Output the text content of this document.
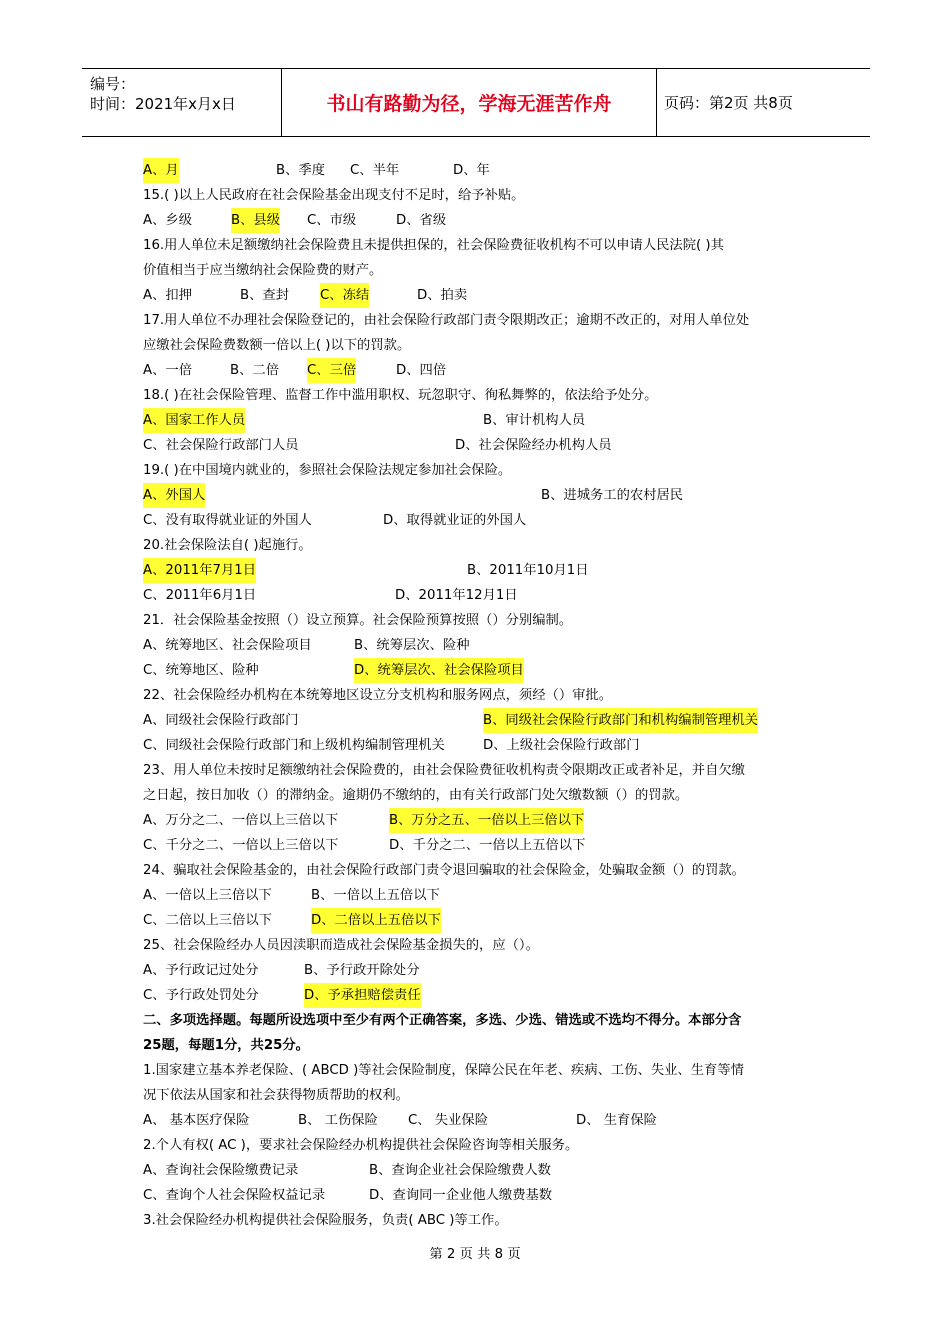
编号：
时间：2021年x月x日	书山有路勤为径，学海无涯苦作舟	页码：第2页 共8页
A、月	B、季度 C、半年	D、年
15.( )以上人民政府在社会保险基金出现支付不足时，给予补贴。
A、乡级	B、县级 C、市级	D、省级
16.用人单位未足额缴纳社会保险费且未提供担保的，社会保险费征收机构不可以申请人民法院( )其
价值相当于应当缴纳社会保险费的财产。
A、扣押	B、查封 C、冻结	D、拍卖
17.用人单位不办理社会保险登记的，由社会保险行政部门责令限期改正；逾期不改正的，对用人单位处
应缴社会保险费数额一倍以上( )以下的罚款。
A、一倍	B、二倍 C、三倍	D、四倍
18.( )在社会保险管理、监督工作中滥用职权、玩忽职守、徇私舞弊的，依法给予处分。
A、国家工作人员	B、审计机构人员
C、社会保险行政部门人员	D、社会保险经办机构人员
19.( )在中国境内就业的，参照社会保险法规定参加社会保险。
A、外国人	B、进城务工的农村居民
C、没有取得就业证的外国人	D、取得就业证的外国人
20.社会保险法自( )起施行。
A、2011年7月1日	B、2011年10月1日
C、2011年6月1日	D、2011年12月1日
21．社会保险基金按照（）设立预算。社会保险预算按照（）分别编制。
A、统筹地区、社会保险项目	B、统筹层次、险种
C、统筹地区、险种	D、统筹层次、社会保险项目
22、社会保险经办机构在本统筹地区设立分支机构和服务网点，须经（）审批。
A、同级社会保险行政部门	B、同级社会保险行政部门和机构编制管理机关
C、同级社会保险行政部门和上级机构编制管理机关	D、上级社会保险行政部门
23、用人单位未按时足额缴纳社会保险费的，由社会保险费征收机构责令限期改正或者补足，并自欠缴
之日起，按日加收（）的滞纳金。逾期仍不缴纳的，由有关行政部门处欠缴数额（）的罚款。
A、万分之二、一倍以上三倍以下	B、万分之五、一倍以上三倍以下
C、千分之二、一倍以上三倍以下	D、千分之二、一倍以上五倍以下
24、骗取社会保险基金的，由社会保险行政部门责令退回骗取的社会保险金，处骗取金额（）的罚款。
A、一倍以上三倍以下	B、一倍以上五倍以下
C、二倍以上三倍以下	D、二倍以上五倍以下
25、社会保险经办人员因渎职而造成社会保险基金损失的，应（）。
A、予行政记过处分	B、予行政开除处分
C、予行政处罚处分	D、予承担赔偿责任
二、多项选择题。每题所设选项中至少有两个正确答案，多选、少选、错选或不选均不得分。本部分含
25题，每题1分，共25分。
1.国家建立基本养老保险、( ABCD )等社会保险制度，保障公民在年老、疾病、工伤、失业、生育等情
况下依法从国家和社会获得物质帮助的权利。
A、 基本医疗保险	B、 工伤保险 C、 失业保险	D、 生育保险
2.个人有权( AC )，要求社会保险经办机构提供社会保险咨询等相关服务。
A、查询社会保险缴费记录	B、查询企业社会保险缴费人数
C、查询个人社会保险权益记录	D、查询同一企业他人缴费基数
3.社会保险经办机构提供社会保险服务，负责( ABC )等工作。
第 2 页 共 8 页
